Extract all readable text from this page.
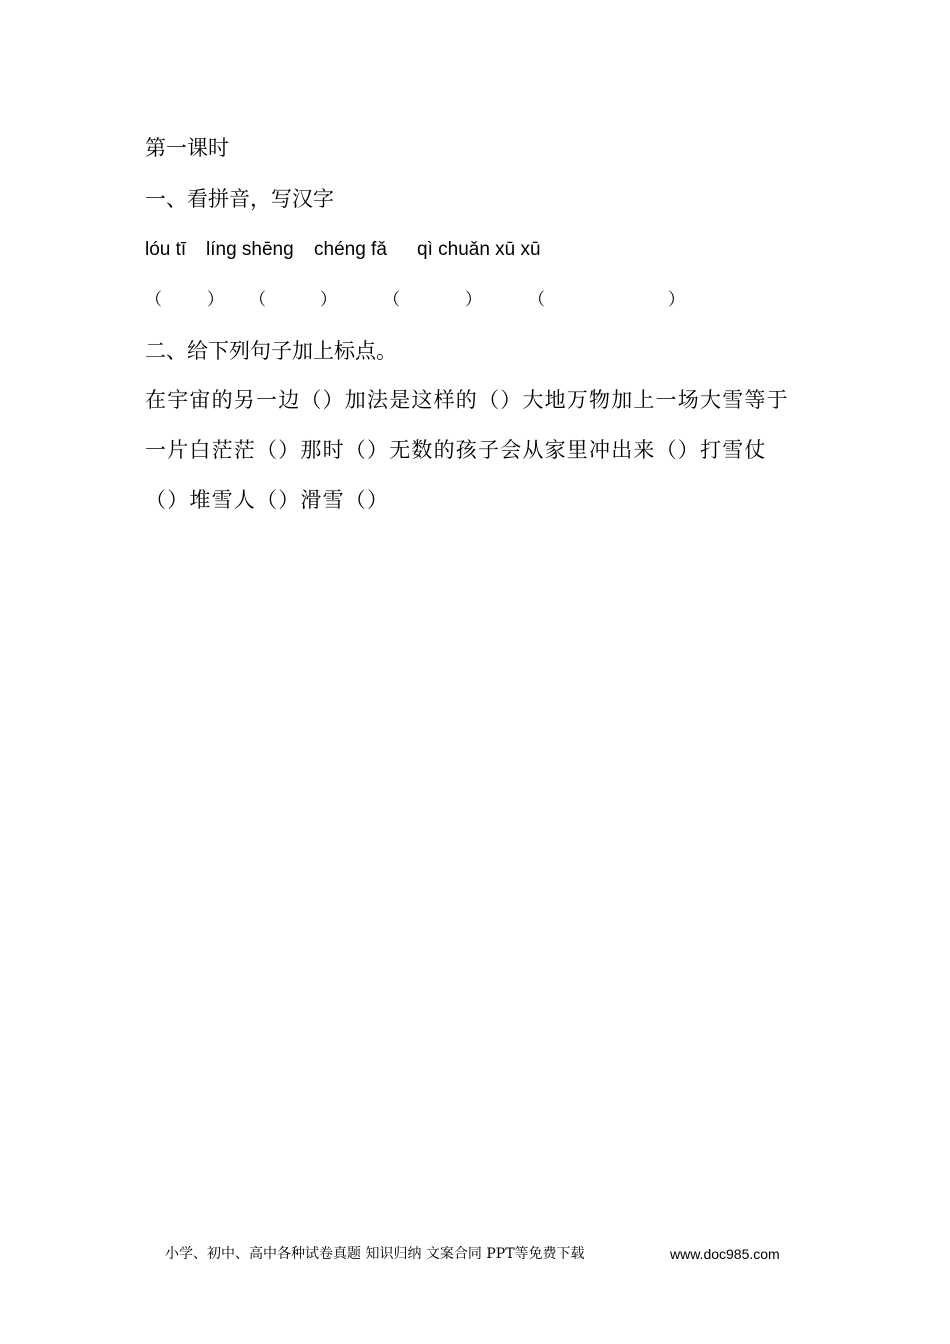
第一课时
一、看拼音，写汉字
lóu tī líng shēng chéng fǎ qì chuǎn xū xū
（	） （	）	（	）	（	）
二、给下列句子加上标点。
在宇宙的另一边（）加法是这样的（）大地万物加上一场大雪等于
一片白茫茫（）那时（）无数的孩子会从家里冲出来（）打雪仗
（）堆雪人（）滑雪（）
小学、初中、高中各种试卷真题 知识归纳 文案合同 PPT等免费下载	www.doc985.com
